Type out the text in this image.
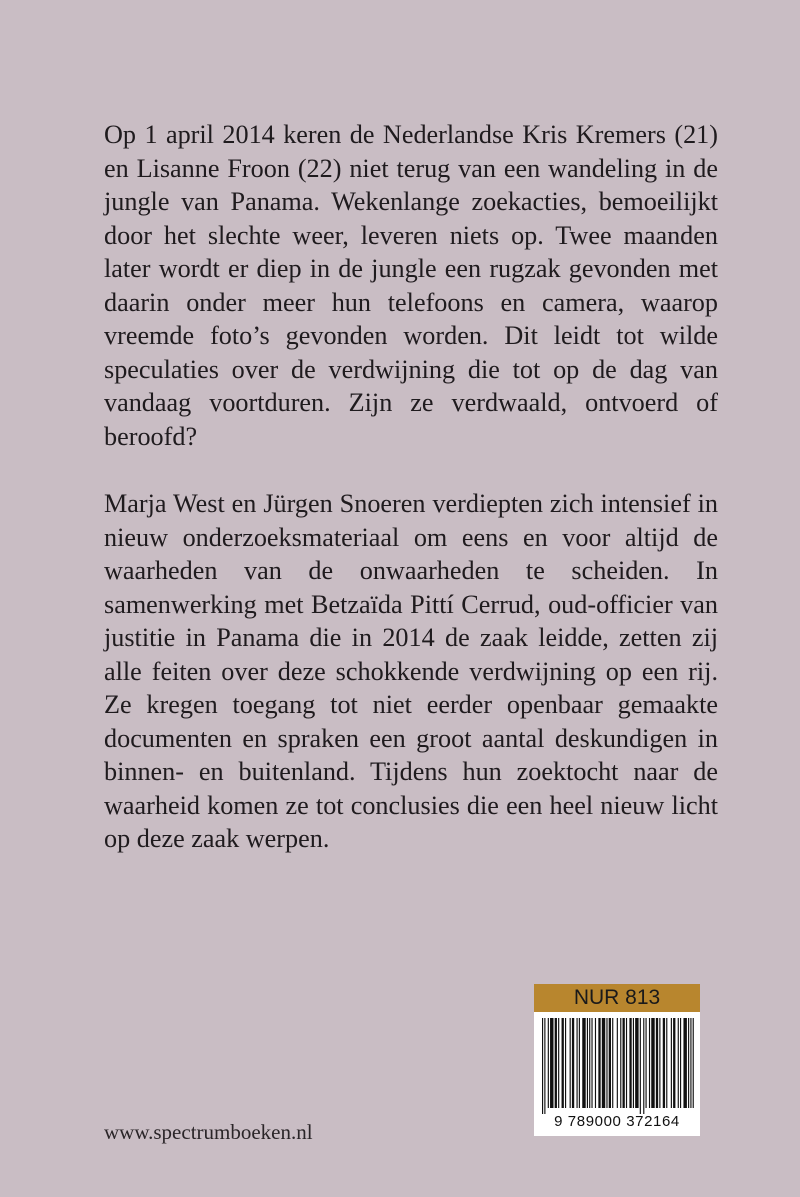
Op 1 april 2014 keren de Nederlandse Kris Kremers (21) en Lisanne Froon (22) niet terug van een wandeling in de jungle van Panama. Wekenlange zoekacties, bemoeilijkt door het slechte weer, leveren niets op. Twee maanden later wordt er diep in de jungle een rugzak gevonden met daarin onder meer hun telefoons en camera, waarop vreemde foto’s gevonden worden. Dit leidt tot wilde speculaties over de verdwijning die tot op de dag van vandaag voortduren. Zijn ze verdwaald, ontvoerd of beroofd?

Marja West en Jürgen Snoeren verdiepten zich intensief in nieuw onderzoeksmateriaal om eens en voor altijd de waarheden van de onwaarheden te scheiden. In samenwerking met Betzaïda Pittí Cerrud, oud-officier van justitie in Panama die in 2014 de zaak leidde, zetten zij alle feiten over deze schokkende verdwijning op een rij. Ze kregen toegang tot niet eerder openbaar gemaakte documenten en spraken een groot aantal deskundigen in binnen- en buitenland. Tijdens hun zoektocht naar de waarheid komen ze tot conclusies die een heel nieuw licht op deze zaak werpen.

www.spectrumboeken.nl
NUR 813
9 789000 372164
